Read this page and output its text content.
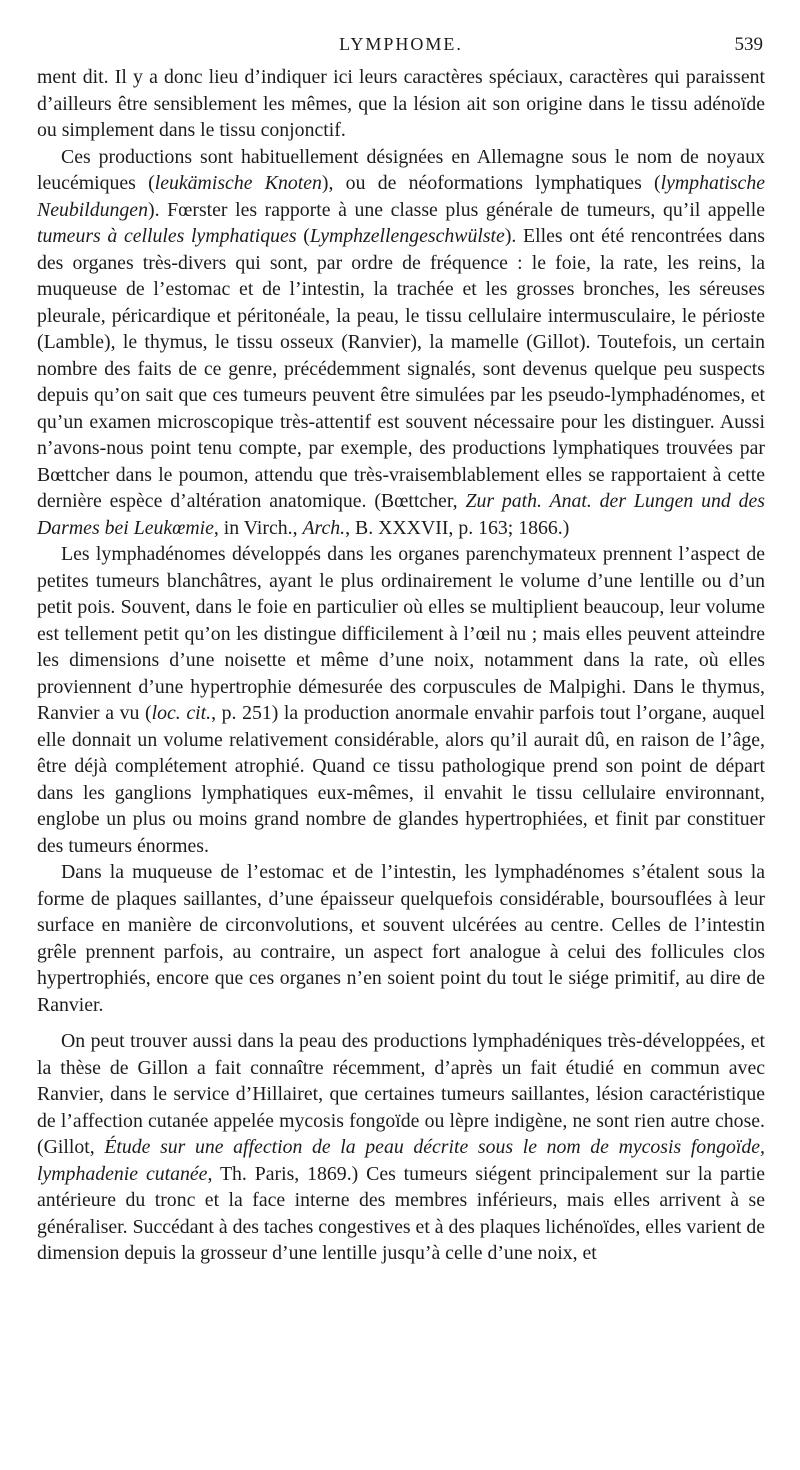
LYMPHOME.	539

ment dit. Il y a donc lieu d’indiquer ici leurs caractères spéciaux, caractères qui paraissent d’ailleurs être sensiblement les mêmes, que la lésion ait son origine dans le tissu adénoïde ou simplement dans le tissu conjonctif.

Ces productions sont habituellement désignées en Allemagne sous le nom de noyaux leucémiques (leukämische Knoten), ou de néoformations lymphatiques (lymphatische Neubildungen). Fœrster les rapporte à une classe plus générale de tumeurs, qu’il appelle tumeurs à cellules lymphatiques (Lymphzellengeschwülste). Elles ont été rencontrées dans des organes très-divers qui sont, par ordre de fréquence : le foie, la rate, les reins, la muqueuse de l’estomac et de l’intestin, la trachée et les grosses bronches, les séreuses pleurale, péricardique et péritonéale, la peau, le tissu cellulaire intermusculaire, le périoste (Lamble), le thymus, le tissu osseux (Ranvier), la mamelle (Gillot). Toutefois, un certain nombre des faits de ce genre, précédemment signalés, sont devenus quelque peu suspects depuis qu’on sait que ces tumeurs peuvent être simulées par les pseudo-lymphadénomes, et qu’un examen microscopique très-attentif est souvent nécessaire pour les distinguer. Aussi n’avons-nous point tenu compte, par exemple, des productions lymphatiques trouvées par Bœttcher dans le poumon, attendu que très-vraisemblablement elles se rapportaient à cette dernière espèce d’altération anatomique. (Bœttcher, Zur path. Anat. der Lungen und des Darmes bei Leukœmie, in Virch., Arch., B. XXXVII, p. 163; 1866.)

Les lymphadénomes développés dans les organes parenchymateux prennent l’aspect de petites tumeurs blanchâtres, ayant le plus ordinairement le volume d’une lentille ou d’un petit pois. Souvent, dans le foie en particulier où elles se multiplient beaucoup, leur volume est tellement petit qu’on les distingue difficilement à l’œil nu ; mais elles peuvent atteindre les dimensions d’une noisette et même d’une noix, notamment dans la rate, où elles proviennent d’une hypertrophie démesurée des corpuscules de Malpighi. Dans le thymus, Ranvier a vu (loc. cit., p. 251) la production anormale envahir parfois tout l’organe, auquel elle donnait un volume relativement considérable, alors qu’il aurait dû, en raison de l’âge, être déjà complétement atrophié. Quand ce tissu pathologique prend son point de départ dans les ganglions lymphatiques eux-mêmes, il envahit le tissu cellulaire environnant, englobe un plus ou moins grand nombre de glandes hypertrophiées, et finit par constituer des tumeurs énormes.

Dans la muqueuse de l’estomac et de l’intestin, les lymphadénomes s’étalent sous la forme de plaques saillantes, d’une épaisseur quelquefois considérable, boursouflées à leur surface en manière de circonvolutions, et souvent ulcérées au centre. Celles de l’intestin grêle prennent parfois, au contraire, un aspect fort analogue à celui des follicules clos hypertrophiés, encore que ces organes n’en soient point du tout le siége primitif, au dire de Ranvier.

On peut trouver aussi dans la peau des productions lymphadéniques très-développées, et la thèse de Gillon a fait connaître récemment, d’après un fait étudié en commun avec Ranvier, dans le service d’Hillairet, que certaines tumeurs saillantes, lésion caractéristique de l’affection cutanée appelée mycosis fongoïde ou lèpre indigène, ne sont rien autre chose. (Gillot, Étude sur une affection de la peau décrite sous le nom de mycosis fongoïde, lymphadenie cutanée, Th. Paris, 1869.) Ces tumeurs siégent principalement sur la partie antérieure du tronc et la face interne des membres inférieurs, mais elles arrivent à se généraliser. Succédant à des taches congestives et à des plaques lichénoïdes, elles varient de dimension depuis la grosseur d’une lentille jusqu’à celle d’une noix, et
